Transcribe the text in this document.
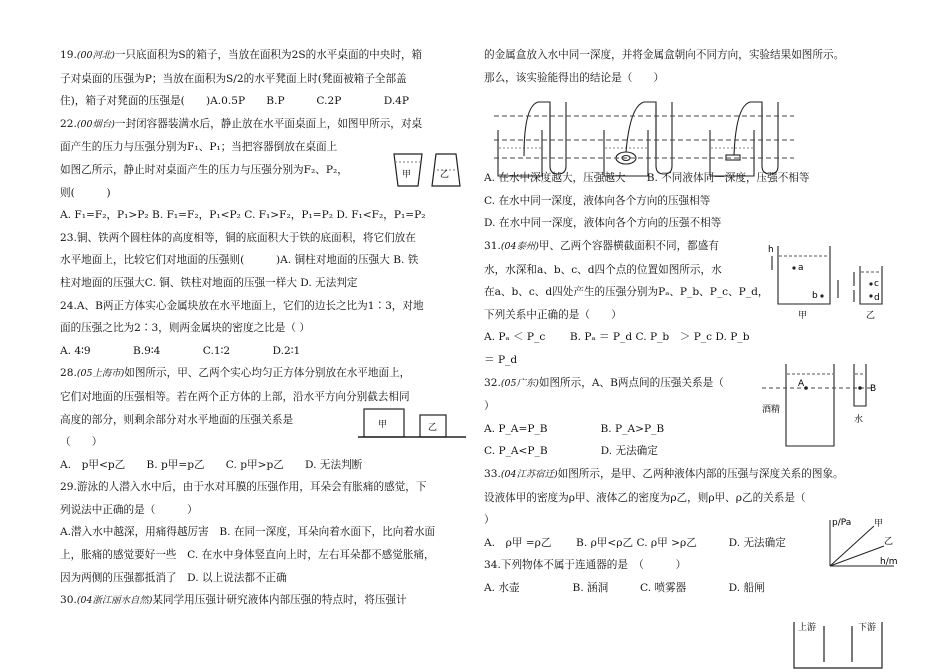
19.(00河北)一只底面积为S的箱子，当放在面积为2S的水平桌面的中央时，箱

子对桌面的压强为P；当放在面积为S/2的水平凳面上时(凳面被箱子全部盖

住)，箱子对凳面的压强是(　　)A.0.5P　　B.P　　　C.2P　　　　D.4P

22.(00烟台)一封闭容器装满水后，静止放在水平面桌面上，如图甲所示，对桌

面产生的压力与压强分别为F₁、P₁；当把容器倒放在桌面上

如图乙所示，静止时对桌面产生的压力与压强分别为F₂、P₂，

则(　　　)

A. F₁=F₂，P₁>P₂ B. F₁=F₂，P₁<P₂ C. F₁>F₂，P₁=P₂ D. F₁<F₂，P₁=P₂

23.铜、铁两个圆柱体的高度相等，铜的底面积大于铁的底面积，将它们放在

水平地面上，比较它们对地面的压强则(　　　)A. 铜柱对地面的压强大 B. 铁

柱对地面的压强大C. 铜、铁柱对地面的压强一样大 D. 无法判定

24.A、B两正方体实心金属块放在水平地面上，它们的边长之比为1∶3，对地

面的压强之比为2∶3，则两金属块的密度之比是（ ）

A. 4∶9　　　　B.9∶4　　　　C.1∶2　　　　D.2∶1

28.(05上海市)如图所示，甲、乙两个实心均匀正方体分别放在水平地面上，

它们对地面的压强相等。若在两个正方体的上部，沿水平方向分别截去相同

高度的部分，则剩余部分对水平地面的压强关系是

（　　）

A.　p甲<p乙　　B. p甲=p乙　　C. p甲>p乙　　D. 无法判断

29.游泳的人潜入水中后，由于水对耳膜的压强作用，耳朵会有胀痛的感觉，下

列说法中正确的是（　　　）

A.潜入水中越深，用痛得越厉害　B. 在同一深度，耳朵向着水面下，比向着水面

上，胀痛的感觉要好一些　C. 在水中身体竖直向上时，左右耳朵都不感觉胀痛，

因为两侧的压强都抵消了　D. 以上说法都不正确

30.(04浙江丽水自然)某同学用压强计研究液体内部压强的特点时，将压强计

的金属盒放入水中同一深度，并将金属盒朝向不同方向，实验结果如图所示。

那么，该实验能得出的结论是（　　）

A. 在水中深度越大，压强越大　　B. 不同液体同一深度，压强不相等

C. 在水中同一深度，液体向各个方向的压强相等

D. 在水中同一深度，液体向各个方向的压强不相等

31.(04泰州)甲、乙两个容器横截面积不同，都盛有

水，水深和a、b、c、d四个点的位置如图所示，水

在a、b、c、d四处产生的压强分别为Pₐ、P_b、P_c、P_d，

下列关系中正确的是（　　）

A. Pₐ ＜ P_c　　 B. Pₐ ＝ P_d C. P_b　＞ P_c D. P_b

＝ P_d

32.(05广东)如图所示，A、B两点间的压强关系是（

）

A. P_A=P_B　　　　　B. P_A>P_B

C. P_A<P_B　　　　　D. 无法确定

33.(04江苏宿迁)如图所示，是甲、乙两种液体内部的压强与深度关系的图象。

设液体甲的密度为ρ甲、液体乙的密度为ρ乙，则ρ甲、ρ乙的关系是（

）

A.　ρ甲 =ρ乙　　 B. ρ甲<ρ乙 C. ρ甲 >ρ乙　　　D. 无法确定

34.下列物体不属于连通器的是　（　　　）

A. 水壶　　　　　B. 涵洞　　　C. 喷雾器　　　　D. 船闸

甲	乙
甲	乙
h
a
b
c
d
甲	乙
A	B
酒精
水
p/Pa	甲
乙
h/m
上游	下游
